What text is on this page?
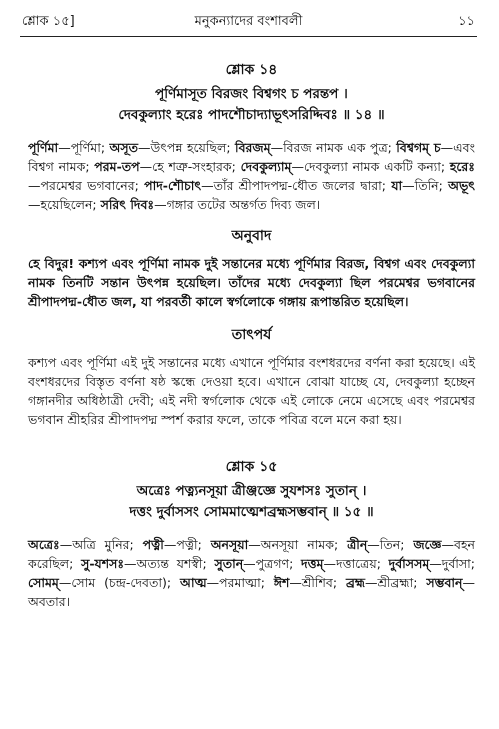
শ্লোক ১৫]	মনুকন্যাদের বংশাবলী	১১

শ্লোক ১৪

পূর্ণিমাসূত বিরজং বিশ্বগং চ পরন্তপ ।

দেবকুল্যাং হরেঃ পাদশৌচাদ্যাভূৎসরিদ্দিবঃ ॥ ১৪ ॥

পূর্ণিমা—পূর্ণিমা; অসূত—উৎপন্ন হয়েছিল; বিরজম্—বিরজ নামক এক পুত্র; বিশ্বগম্ চ—এবং বিশ্বগ নামক; পরম-তপ—হে শত্রু-সংহারক; দেবকুল্যাম্—দেবকুল্যা নামক একটি কন্যা; হরেঃ—পরমেশ্বর ভগবানের; পাদ-শৌচাৎ—তাঁর শ্রীপাদপদ্ম-ধৌত জলের দ্বারা; যা—তিনি; অভূৎ—হয়েছিলেন; সরিৎ দিবঃ—গঙ্গার তটের অন্তর্গত দিব্য জল।

অনুবাদ

হে বিদুর! কশ্যপ এবং পূর্ণিমা নামক দুই সন্তানের মধ্যে পূর্ণিমার বিরজ, বিশ্বগ এবং দেবকুল্যা নামক তিনটি সন্তান উৎপন্ন হয়েছিল। তাঁদের মধ্যে দেবকুল্যা ছিল পরমেশ্বর ভগবানের শ্রীপাদপদ্ম-ধৌত জল, যা পরবর্তী কালে স্বর্গলোকে গঙ্গায় রূপান্তরিত হয়েছিল।

তাৎপর্য

কশ্যপ এবং পূর্ণিমা এই দুই সন্তানের মধ্যে এখানে পূর্ণিমার বংশধরদের বর্ণনা করা হয়েছে। এই বংশধরদের বিস্তৃত বর্ণনা ষষ্ঠ স্কন্ধে দেওয়া হবে। এখানে বোঝা যাচ্ছে যে, দেবকুল্যা হচ্ছেন গঙ্গানদীর অধিষ্ঠাত্রী দেবী; এই নদী স্বর্গলোক থেকে এই লোকে নেমে এসেছে এবং পরমেশ্বর ভগবান শ্রীহরির শ্রীপাদপদ্ম স্পর্শ করার ফলে, তাকে পবিত্র বলে মনে করা হয়।

শ্লোক ১৫

অত্রেঃ পত্ন্যনসূয়া ত্রীঞ্জজ্ঞে সুযশসঃ সুতান্ ।

দত্তং দুর্বাসসং সোমমাত্মেশব্রহ্মসম্ভবান্ ॥ ১৫ ॥

অত্রেঃ—অত্রি মুনির; পত্নী—পত্নী; অনসূয়া—অনসূয়া নামক; ত্রীন্—তিন; জজ্ঞে—বহন করেছিল; সু-যশসঃ—অত্যন্ত যশস্বী; সুতান্—পুত্রগণ; দত্তম্—দত্তাত্রেয়; দুর্বাসসম্—দুর্বাসা; সোমম্—সোম (চন্দ্র-দেবতা); আত্ম—পরমাত্মা; ঈশ—শ্রীশিব; ব্রহ্ম—শ্রীব্রহ্মা; সম্ভবান্—অবতার।
